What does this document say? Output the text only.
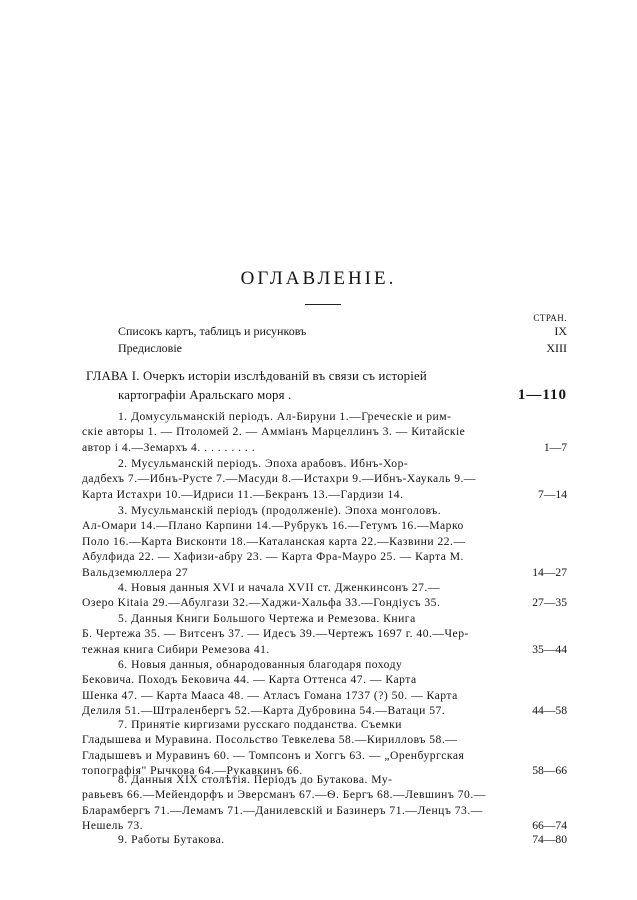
ОГЛАВЛЕНІЕ.
СТРАН.
Списокъ картъ, таблицъ и рисунковъ	IX
Предисловіе	XIII
ГЛАВА I. Очеркъ исторіи изслѣдованій въ связи съ исторіей
картографіи Аральскаго моря .	1—110
1. Домусульманскій періодъ. Ал-Бируни 1.—Греческіе и рим-
скіе авторы 1. — Птоломей 2. — Амміанъ Марцеллинъ 3. — Китайскіе
автор і 4.—Земархъ 4. . . . . . . . .	1—7
2. Мусульманскій періодъ. Эпоха арабовъ. Ибнъ-Хор-
дадбехъ 7.—Ибнъ-Русте 7.—Масуди 8.—Истахри 9.—Ибнъ-Хаукаль 9.—
Карта Истахри 10.—Идриси 11.—Бекранъ 13.—Гардизи 14.	7—14
3. Мусульманскій періодъ (продолженіе). Эпоха монголовъ.
Ал-Омари 14.—Плано Карпини 14.—Рубрукъ 16.—Гетумъ 16.—Марко
Поло 16.—Карта Висконти 18.—Каталанская карта 22.—Казвини 22.—
Абулфида 22. — Хафизи-абру 23. — Карта Фра-Мауро 25. — Карта М.
Вальдземюллера 27	14—27
4. Новыя данныя XVI и начала XVII ст. Дженкинсонъ 27.—
Озеро Kitaia 29.—Абулгази 32.—Хаджи-Хальфа 33.—Гондіусъ 35.	27—35
5. Данныя Книги Большого Чертежа и Ремезова. Книга
Б. Чертежа 35. — Витсенъ 37. — Идесъ 39.—Чертежъ 1697 г. 40.—Чер-
тежная книга Сибири Ремезова 41.	35—44
6. Новыя данныя, обнародованныя благодаря походу
Бековича. Походъ Бековича 44. — Карта Оттенса 47. — Карта
Шенка 47. — Карта Мааса 48. — Атласъ Гомана 1737 (?) 50. — Карта
Делиля 51.—Штраленбергъ 52.—Карта Дубровина 54.—Ватаци 57.	44—58
7. Принятіе киргизами русскаго подданства. Съемки
Гладышева и Муравина. Посольство Тевкелева 58.—Кирилловъ 58.—
Гладышевъ и Муравинъ 60. — Томпсонъ и Хоггъ 63. — „Оренбургская
топографія" Рычкова 64.—Рукавкинъ 66.	58—66
8. Данныя XIX столѣтія. Періодъ до Бутакова. Му-
равьевъ 66.—Мейендорфъ и Эверсманъ 67.—Ѳ. Бергъ 68.—Левшинъ 70.—
Бларамбергъ 71.—Лемамъ 71.—Данилевскій и Базинеръ 71.—Ленцъ 73.—
Нешель 73.	66—74
9. Работы Бутакова.	74—80
